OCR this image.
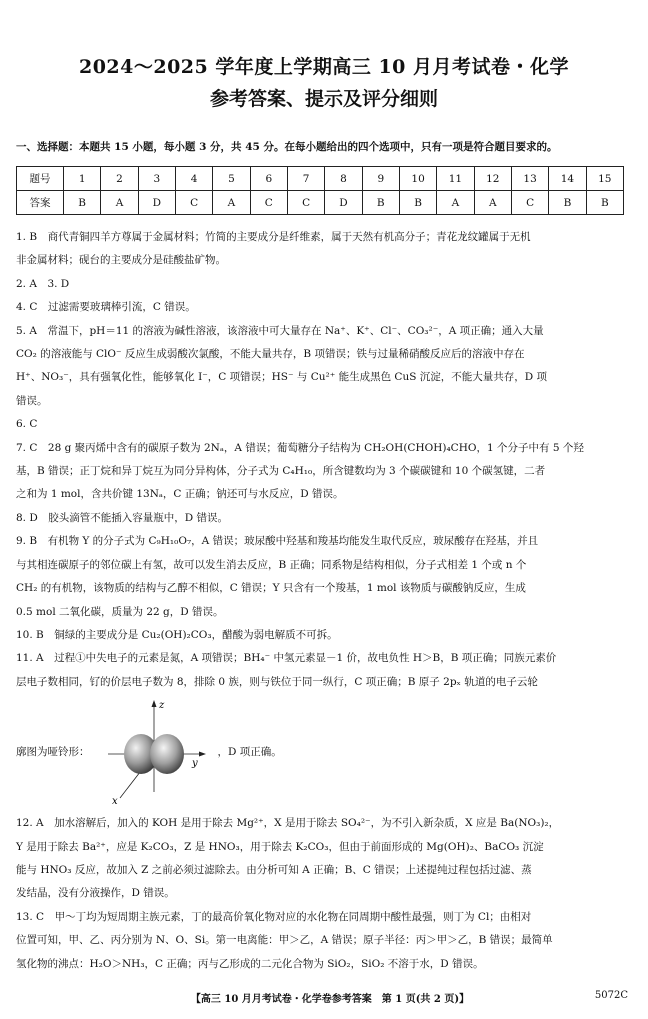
2024～2025 学年度上学期高三 10 月月考试卷・化学
参考答案、提示及评分细则
一、选择题：本题共 15 小题，每小题 3 分，共 45 分。在每小题给出的四个选项中，只有一项是符合题目要求的。
题号	1	2	3	4	5	6	7	8	9	10	11	12	13	14	15
答案	B	A	D	C	A	C	C	D	B	B	A	A	C	B	B
1. B　商代青铜四羊方尊属于金属材料；竹简的主要成分是纤维素，属于天然有机高分子；青花龙纹罐属于无机
非金属材料；砚台的主要成分是硅酸盐矿物。
2. A　3. D
4. C　过滤需要玻璃棒引流，C 错误。
5. A　常温下，pH＝11 的溶液为碱性溶液，该溶液中可大量存在 Na⁺、K⁺、Cl⁻、CO₃²⁻，A 项正确；通入大量
CO₂ 的溶液能与 ClO⁻ 反应生成弱酸次氯酸，不能大量共存，B 项错误；铁与过量稀硝酸反应后的溶液中存在
H⁺、NO₃⁻，具有强氧化性，能够氧化 I⁻，C 项错误；HS⁻ 与 Cu²⁺ 能生成黑色 CuS 沉淀，不能大量共存，D 项
错误。
6. C
7. C　28 g 聚丙烯中含有的碳原子数为 2Nₐ，A 错误；葡萄糖分子结构为 CH₂OH(CHOH)₄CHO，1 个分子中有 5 个羟
基，B 错误；正丁烷和异丁烷互为同分异构体，分子式为 C₄H₁₀，所含键数均为 3 个碳碳键和 10 个碳氢键，二者
之和为 1 mol，含共价键 13Nₐ，C 正确；钠还可与水反应，D 错误。
8. D　胶头滴管不能插入容量瓶中，D 错误。
9. B　有机物 Y 的分子式为 C₉H₁₀O₇，A 错误；玻尿酸中羟基和羧基均能发生取代反应，玻尿酸存在羟基，并且
与其相连碳原子的邻位碳上有氢，故可以发生消去反应，B 正确；同系物是结构相似，分子式相差 1 个或 n 个
CH₂ 的有机物，该物质的结构与乙醇不相似，C 错误；Y 只含有一个羧基，1 mol 该物质与碳酸钠反应，生成
0.5 mol 二氧化碳，质量为 22 g，D 错误。
10. B　铜绿的主要成分是 Cu₂(OH)₂CO₃，醋酸为弱电解质不可拆。
11. A　过程①中失电子的元素是氮，A 项错误；BH₄⁻ 中氢元素显－1 价，故电负性 H＞B，B 项正确；同族元素价
层电子数相同，钌的价层电子数为 8，排除 0 族，则与铁位于同一纵行，C 项正确；B 原子 2pₓ 轨道的电子云轮
廓图为哑铃形：
z
y
x
，D 项正确。
12. A　加水溶解后，加入的 KOH 是用于除去 Mg²⁺，X 是用于除去 SO₄²⁻，为不引入新杂质，X 应是 Ba(NO₃)₂，
Y 是用于除去 Ba²⁺，应是 K₂CO₃，Z 是 HNO₃，用于除去 K₂CO₃，但由于前面形成的 Mg(OH)₂、BaCO₃ 沉淀
能与 HNO₃ 反应，故加入 Z 之前必须过滤除去。由分析可知 A 正确；B、C 错误；上述提纯过程包括过滤、蒸
发结晶，没有分液操作，D 错误。
13. C　甲～丁均为短周期主族元素，丁的最高价氧化物对应的水化物在同周期中酸性最强，则丁为 Cl；由相对
位置可知，甲、乙、丙分别为 N、O、Si。第一电离能：甲＞乙，A 错误；原子半径：丙＞甲＞乙，B 错误；最简单
氢化物的沸点：H₂O＞NH₃，C 正确；丙与乙形成的二元化合物为 SiO₂，SiO₂ 不溶于水，D 错误。
【高三 10 月月考试卷・化学卷参考答案　第 1 页(共 2 页)】	5072C
